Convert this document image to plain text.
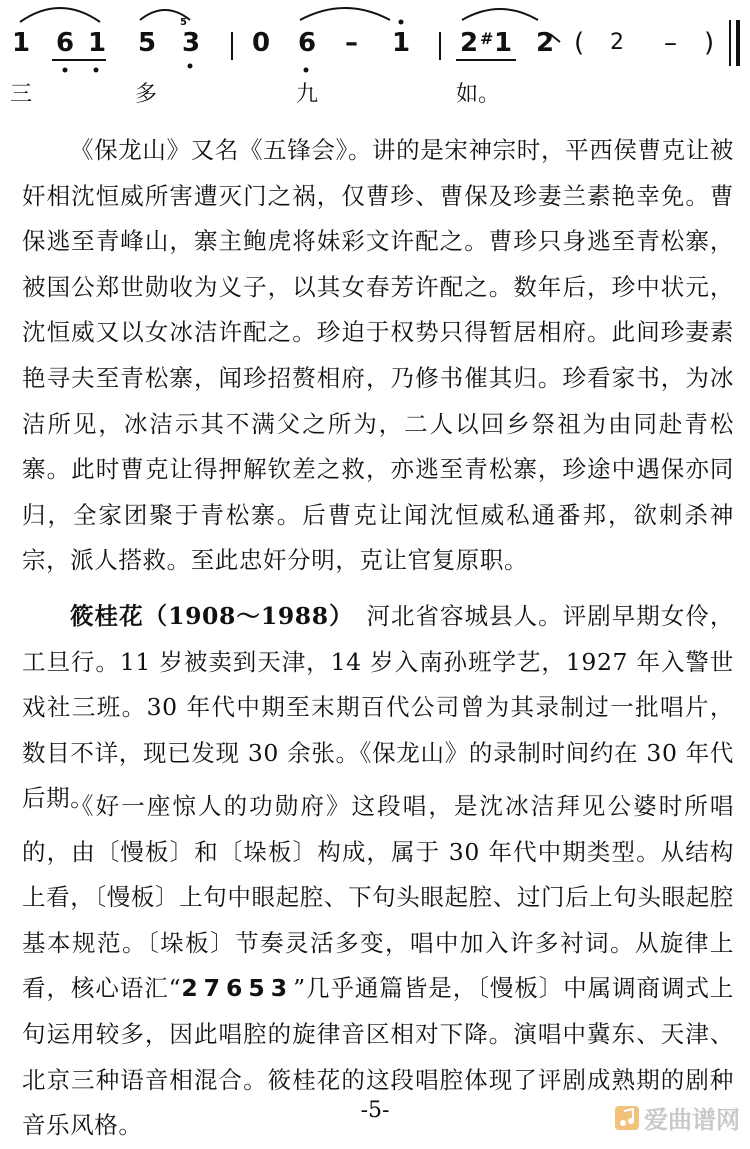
1 6 1 5
5
3 0 6 – 1 2 # 1 2 ( 2 – )
三	多	九	如。

《保龙山》又名《五锋会》。讲的是宋神宗时，平西侯曹克让被奸相沈恒威所害遭灭门之祸，仅曹珍、曹保及珍妻兰素艳幸免。曹保逃至青峰山，寨主鲍虎将妹彩文许配之。曹珍只身逃至青松寨，被国公郑世勋收为义子，以其女春芳许配之。数年后，珍中状元，沈恒威又以女冰洁许配之。珍迫于权势只得暂居相府。此间珍妻素艳寻夫至青松寨，闻珍招赘相府，乃修书催其归。珍看家书，为冰洁所见，冰洁示其不满父之所为，二人以回乡祭祖为由同赴青松寨。此时曹克让得押解钦差之救，亦逃至青松寨，珍途中遇保亦同归，全家团聚于青松寨。后曹克让闻沈恒威私通番邦，欲刺杀神宗，派人搭救。至此忠奸分明，克让官复原职。

筱桂花（1908～1988）　河北省容城县人。评剧早期女伶，工旦行。11 岁被卖到天津，14 岁入南孙班学艺，1927 年入警世戏社三班。30 年代中期至末期百代公司曾为其录制过一批唱片，数目不详，现已发现 30 余张。《保龙山》的录制时间约在 30 年代后期。

《好一座惊人的功勋府》这段唱，是沈冰洁拜见公婆时所唱的，由〔慢板〕和〔垛板〕构成，属于 30 年代中期类型。从结构上看，〔慢板〕上句中眼起腔、下句头眼起腔、过门后上句头眼起腔基本规范。〔垛板〕节奏灵活多变，唱中加入许多衬词。从旋律上看，核心语汇“27653”几乎通篇皆是，〔慢板〕中属调商调式上句运用较多，因此唱腔的旋律音区相对下降。演唱中冀东、天津、北京三种语音相混合。筱桂花的这段唱腔体现了评剧成熟期的剧种音乐风格。

-5-	爱曲谱网
